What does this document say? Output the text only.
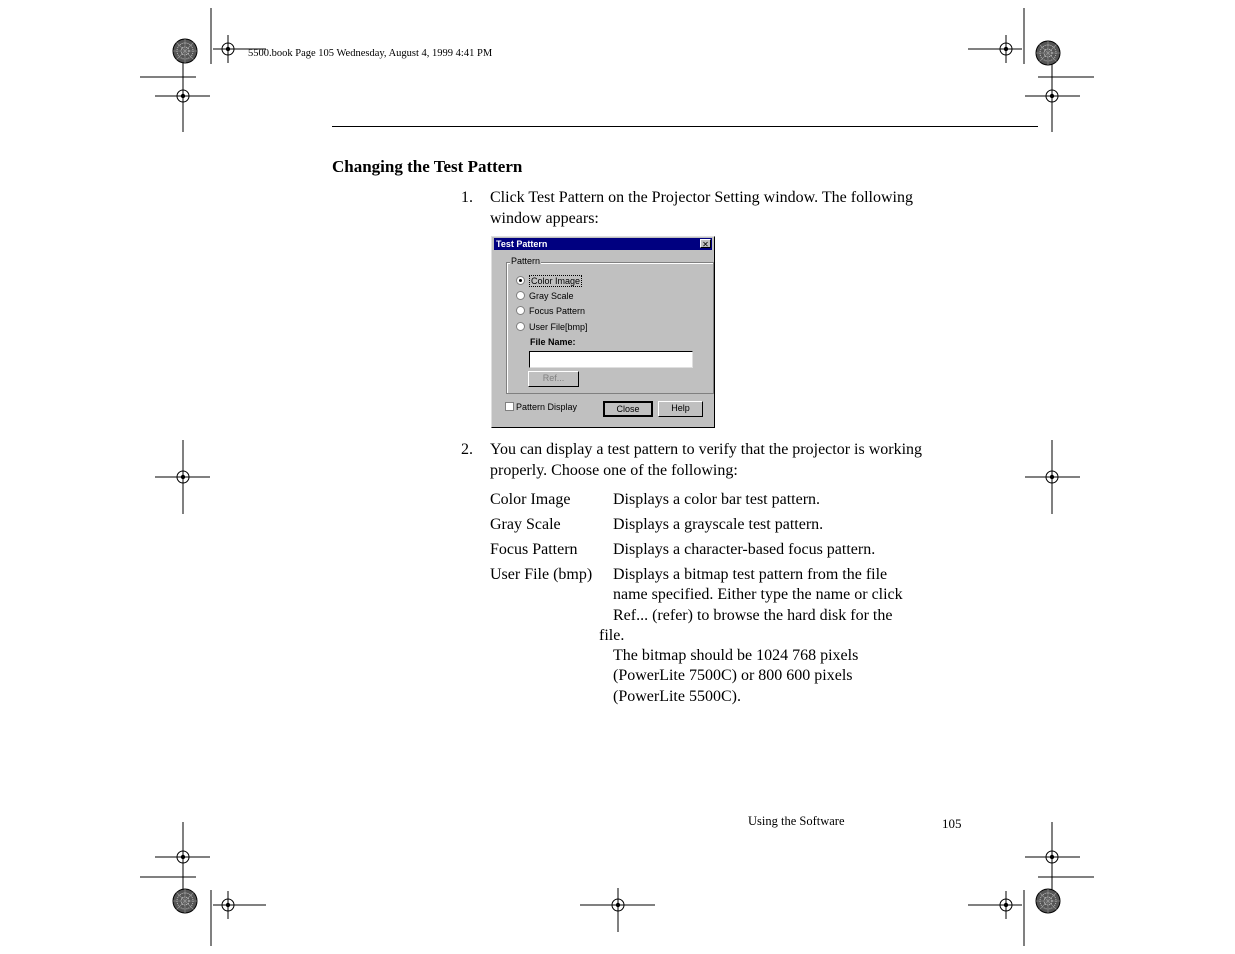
5500.book Page 105 Wednesday, August 4, 1999 4:41 PM
Changing the Test Pattern
1. Click Test Pattern on the Projector Setting window. The following window appears:
Test Pattern	✕
Pattern
Color Image
Gray Scale
Focus Pattern
User File[bmp]
File Name:
Ref...
Pattern Display	Close	Help
2. You can display a test pattern to verify that the projector is working properly. Choose one of the following:
Color Image	Displays a color bar test pattern.
Gray Scale	Displays a grayscale test pattern.
Focus Pattern Displays a character-based focus pattern.
User File (bmp) Displays a bitmap test pattern from the file
name specified. Either type the name or click
Ref... (refer) to browse the hard disk for the
file.
The bitmap should be 1024 768 pixels
(PowerLite 7500C) or 800 600 pixels
(PowerLite 5500C).
Using the Software	105
